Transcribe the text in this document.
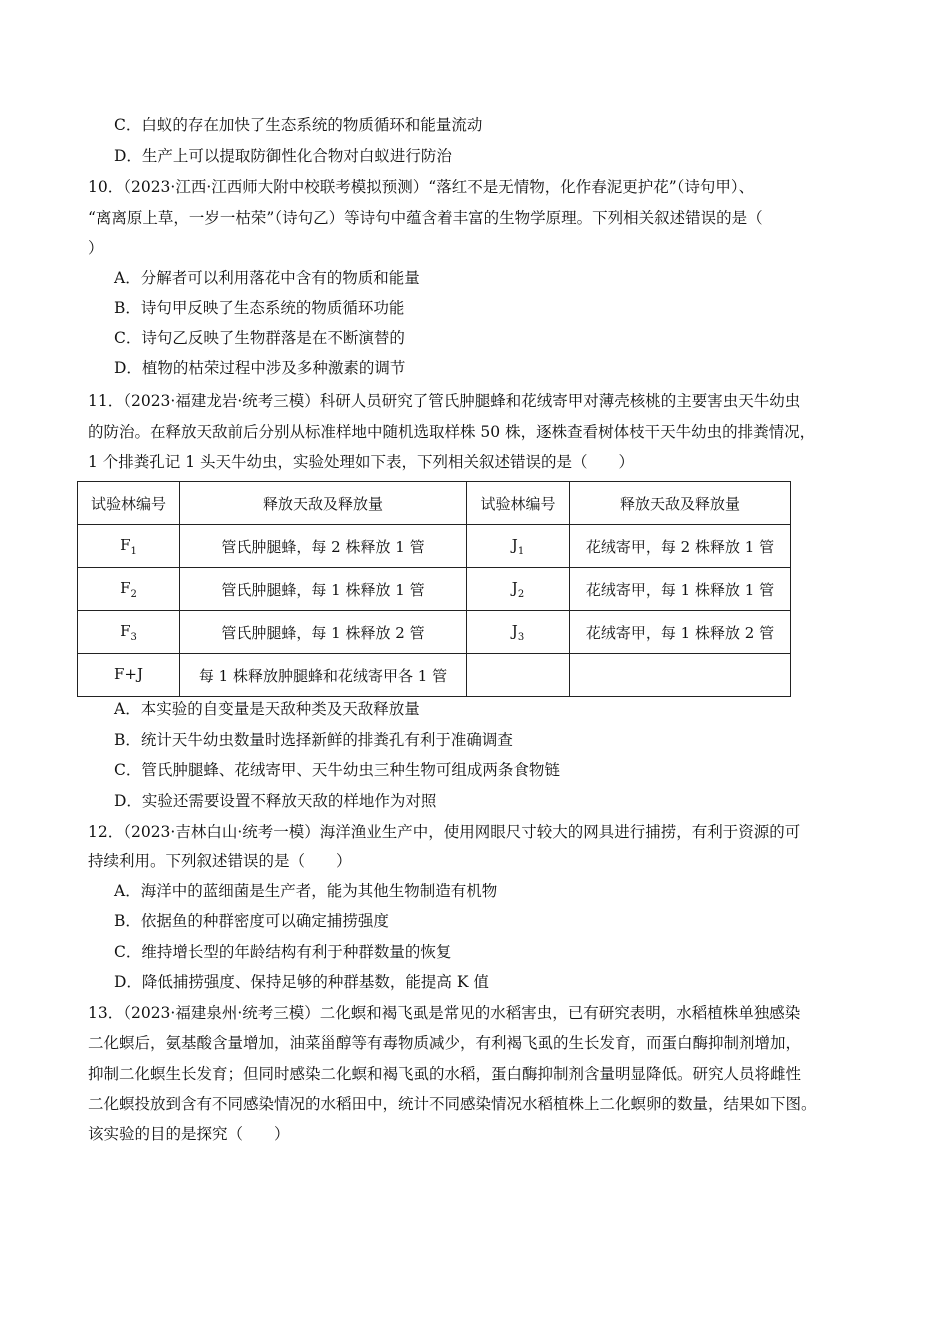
C．白蚁的存在加快了生态系统的物质循环和能量流动
D．生产上可以提取防御性化合物对白蚁进行防治
10．（2023·江西·江西师大附中校联考模拟预测）“落红不是无情物，化作春泥更护花”（诗句甲）、
“离离原上草，一岁一枯荣”（诗句乙）等诗句中蕴含着丰富的生物学原理。下列相关叙述错误的是（
）
A．分解者可以利用落花中含有的物质和能量
B．诗句甲反映了生态系统的物质循环功能
C．诗句乙反映了生物群落是在不断演替的
D．植物的枯荣过程中涉及多种激素的调节
11．（2023·福建龙岩·统考三模）科研人员研究了管氏肿腿蜂和花绒寄甲对薄壳核桃的主要害虫天牛幼虫
的防治。在释放天敌前后分别从标准样地中随机选取样株 50 株，逐株查看树体枝干天牛幼虫的排粪情况，
1 个排粪孔记 1 头天牛幼虫，实验处理如下表，下列相关叙述错误的是（　　）
试验林编号	释放天敌及释放量	试验林编号	释放天敌及释放量
$F_1$	管氏肿腿蜂，每 2 株释放 1 管	$J_1$	花绒寄甲，每 2 株释放 1 管
$F_2$	管氏肿腿蜂，每 1 株释放 1 管	$J_2$	花绒寄甲，每 1 株释放 1 管
$F_3$	管氏肿腿蜂，每 1 株释放 2 管	$J_3$	花绒寄甲，每 1 株释放 2 管
F+J	每 1 株释放肿腿蜂和花绒寄甲各 1 管		
A．本实验的自变量是天敌种类及天敌释放量
B．统计天牛幼虫数量时选择新鲜的排粪孔有利于准确调查
C．管氏肿腿蜂、花绒寄甲、天牛幼虫三种生物可组成两条食物链
D．实验还需要设置不释放天敌的样地作为对照
12．（2023·吉林白山·统考一模）海洋渔业生产中，使用网眼尺寸较大的网具进行捕捞，有利于资源的可
持续利用。下列叙述错误的是（　　）
A．海洋中的蓝细菌是生产者，能为其他生物制造有机物
B．依据鱼的种群密度可以确定捕捞强度
C．维持增长型的年龄结构有利于种群数量的恢复
D．降低捕捞强度、保持足够的种群基数，能提高 K 值
13．（2023·福建泉州·统考三模）二化螟和褐飞虱是常见的水稻害虫，已有研究表明，水稻植株单独感染
二化螟后，氨基酸含量增加，油菜甾醇等有毒物质减少，有利褐飞虱的生长发育，而蛋白酶抑制剂增加，
抑制二化螟生长发育；但同时感染二化螟和褐飞虱的水稻，蛋白酶抑制剂含量明显降低。研究人员将雌性
二化螟投放到含有不同感染情况的水稻田中，统计不同感染情况水稻植株上二化螟卵的数量，结果如下图。
该实验的目的是探究（　　）
